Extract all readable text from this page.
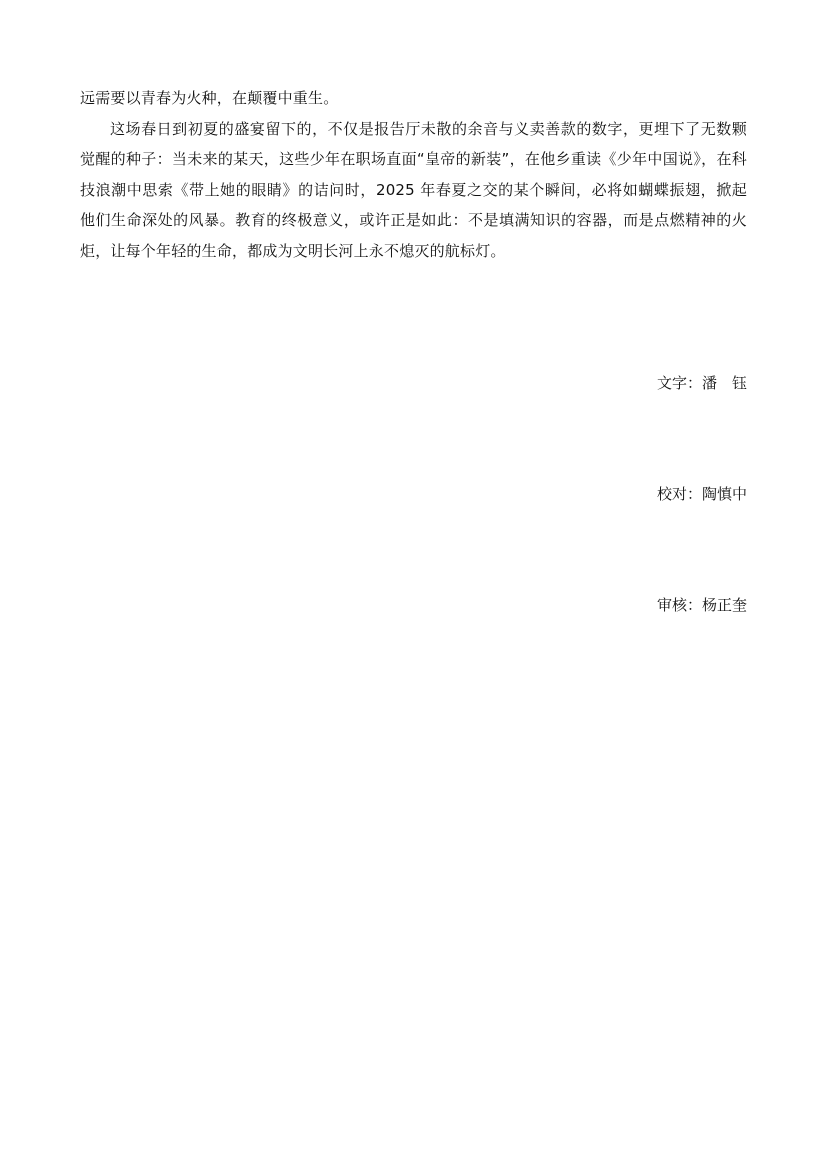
远需要以青春为火种，在颠覆中重生。

这场春日到初夏的盛宴留下的，不仅是报告厅未散的余音与义卖善款的数字，更埋下了无数颗觉醒的种子：当未来的某天，这些少年在职场直面“皇帝的新装”，在他乡重读《少年中国说》，在科技浪潮中思索《带上她的眼睛》的诘问时，2025 年春夏之交的某个瞬间，必将如蝴蝶振翅，掀起他们生命深处的风暴。教育的终极意义，或许正是如此：不是填满知识的容器，而是点燃精神的火炬，让每个年轻的生命，都成为文明长河上永不熄灭的航标灯。

文字：潘　钰

校对：陶慎中

审核：杨正奎
